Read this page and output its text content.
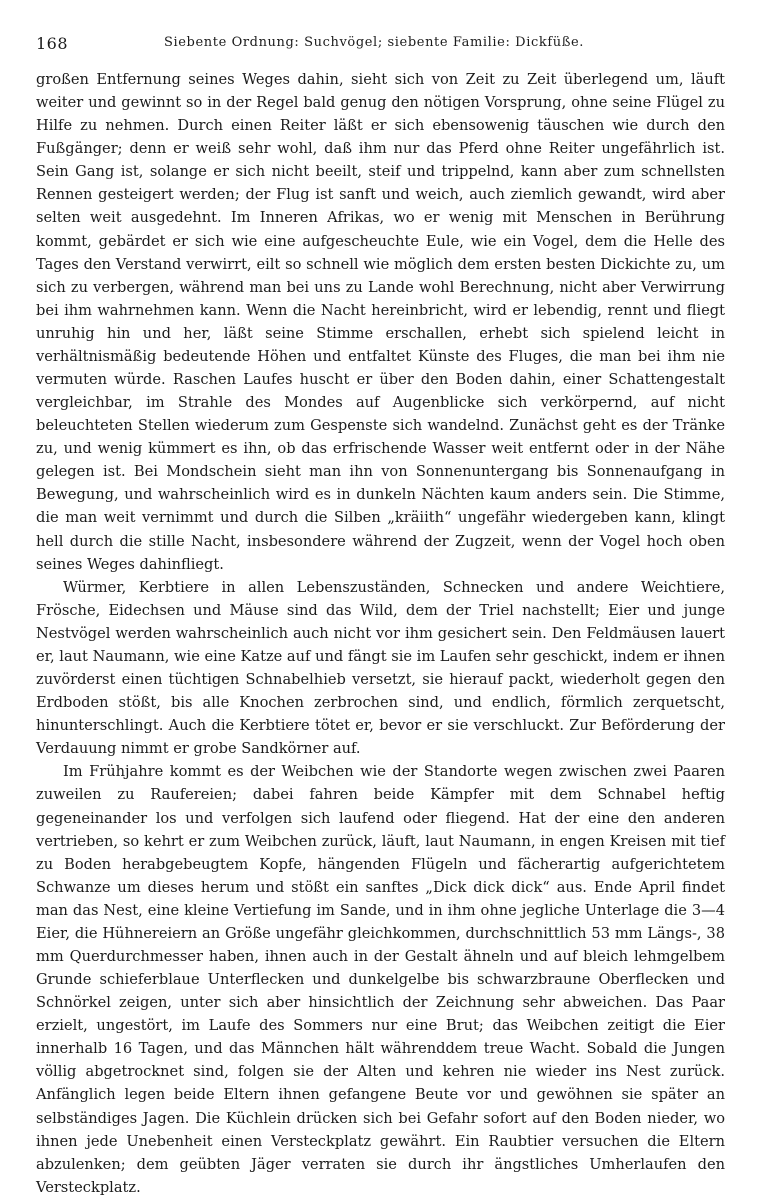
168	Siebente Ordnung: Suchvögel; siebente Familie: Dickfüße.

großen Entfernung seines Weges dahin, sieht sich von Zeit zu Zeit überlegend um, läuft weiter und gewinnt so in der Regel bald genug den nötigen Vorsprung, ohne seine Flügel zu Hilfe zu nehmen. Durch einen Reiter läßt er sich ebensowenig täuschen wie durch den Fußgänger; denn er weiß sehr wohl, daß ihm nur das Pferd ohne Reiter ungefährlich ist. Sein Gang ist, solange er sich nicht beeilt, steif und trippelnd, kann aber zum schnellsten Rennen gesteigert werden; der Flug ist sanft und weich, auch ziemlich gewandt, wird aber selten weit ausgedehnt. Im Inneren Afrikas, wo er wenig mit Menschen in Berührung kommt, gebärdet er sich wie eine aufgescheuchte Eule, wie ein Vogel, dem die Helle des Tages den Verstand verwirrt, eilt so schnell wie möglich dem ersten besten Dickichte zu, um sich zu verbergen, während man bei uns zu Lande wohl Berechnung, nicht aber Verwirrung bei ihm wahrnehmen kann. Wenn die Nacht hereinbricht, wird er lebendig, rennt und fliegt unruhig hin und her, läßt seine Stimme erschallen, erhebt sich spielend leicht in verhältnismäßig bedeutende Höhen und entfaltet Künste des Fluges, die man bei ihm nie vermuten würde. Raschen Laufes huscht er über den Boden dahin, einer Schattengestalt vergleichbar, im Strahle des Mondes auf Augenblicke sich verkörpernd, auf nicht beleuchteten Stellen wiederum zum Gespenste sich wandelnd. Zunächst geht es der Tränke zu, und wenig kümmert es ihn, ob das erfrischende Wasser weit entfernt oder in der Nähe gelegen ist. Bei Mondschein sieht man ihn von Sonnenuntergang bis Sonnenaufgang in Bewegung, und wahrscheinlich wird es in dunkeln Nächten kaum anders sein. Die Stimme, die man weit vernimmt und durch die Silben „kräiith“ ungefähr wiedergeben kann, klingt hell durch die stille Nacht, insbesondere während der Zugzeit, wenn der Vogel hoch oben seines Weges dahinfliegt.

Würmer, Kerbtiere in allen Lebenszuständen, Schnecken und andere Weichtiere, Frösche, Eidechsen und Mäuse sind das Wild, dem der Triel nachstellt; Eier und junge Nestvögel werden wahrscheinlich auch nicht vor ihm gesichert sein. Den Feldmäusen lauert er, laut Naumann, wie eine Katze auf und fängt sie im Laufen sehr geschickt, indem er ihnen zuvörderst einen tüchtigen Schnabelhieb versetzt, sie hierauf packt, wiederholt gegen den Erdboden stößt, bis alle Knochen zerbrochen sind, und endlich, förmlich zerquetscht, hinunterschlingt. Auch die Kerbtiere tötet er, bevor er sie verschluckt. Zur Beförderung der Verdauung nimmt er grobe Sandkörner auf.

Im Frühjahre kommt es der Weibchen wie der Standorte wegen zwischen zwei Paaren zuweilen zu Raufereien; dabei fahren beide Kämpfer mit dem Schnabel heftig gegeneinander los und verfolgen sich laufend oder fliegend. Hat der eine den anderen vertrieben, so kehrt er zum Weibchen zurück, läuft, laut Naumann, in engen Kreisen mit tief zu Boden herabgebeugtem Kopfe, hängenden Flügeln und fächerartig aufgerichtetem Schwanze um dieses herum und stößt ein sanftes „Dick dick dick“ aus. Ende April findet man das Nest, eine kleine Vertiefung im Sande, und in ihm ohne jegliche Unterlage die 3—4 Eier, die Hühnereiern an Größe ungefähr gleichkommen, durchschnittlich 53 mm Längs-, 38 mm Querdurchmesser haben, ihnen auch in der Gestalt ähneln und auf bleich lehmgelbem Grunde schieferblaue Unterflecken und dunkelgelbe bis schwarzbraune Oberflecken und Schnörkel zeigen, unter sich aber hinsichtlich der Zeichnung sehr abweichen. Das Paar erzielt, ungestört, im Laufe des Sommers nur eine Brut; das Weibchen zeitigt die Eier innerhalb 16 Tagen, und das Männchen hält währenddem treue Wacht. Sobald die Jungen völlig abgetrocknet sind, folgen sie der Alten und kehren nie wieder ins Nest zurück. Anfänglich legen beide Eltern ihnen gefangene Beute vor und gewöhnen sie später an selbständiges Jagen. Die Küchlein drücken sich bei Gefahr sofort auf den Boden nieder, wo ihnen jede Unebenheit einen Versteckplatz gewährt. Ein Raubtier versuchen die Eltern abzulenken; dem geübten Jäger verraten sie durch ihr ängstliches Umherlaufen den Versteckplatz.
